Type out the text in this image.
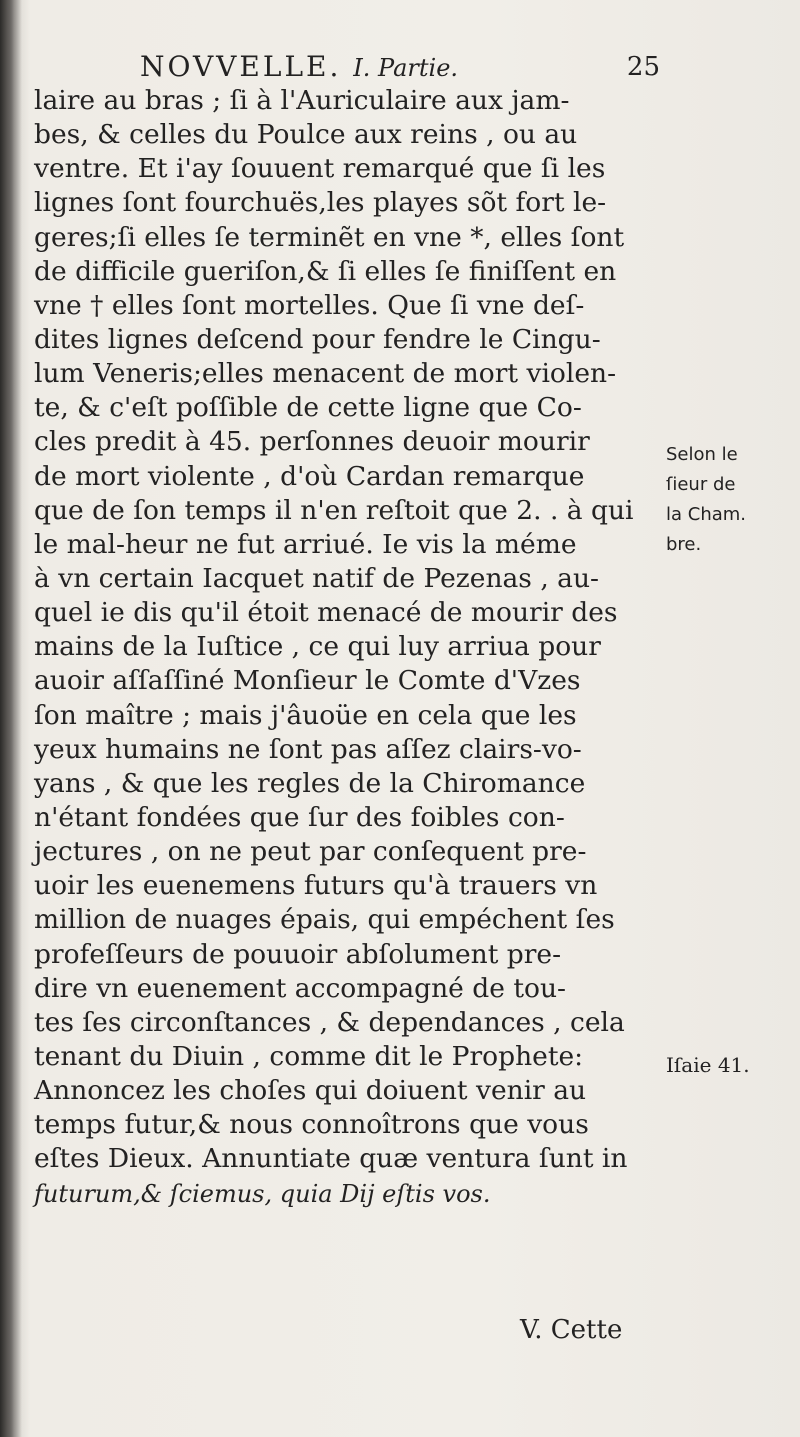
NOVVELLE. I. Partie.	25
laire au bras ; ſi à l'Auriculaire aux jam-
bes, & celles du Poulce aux reins , ou au
ventre. Et i'ay ſouuent remarqué que ſi les
lignes ſont fourchuës,les playes sõt fort le-
geres;ſi elles ſe terminẽt en vne *, elles ſont
de difficile gueriſon,& ſi elles ſe finiſſent en
vne † elles ſont mortelles. Que ſi vne deſ-
dites lignes deſcend pour fendre le Cingu-
lum Veneris;elles menacent de mort violen-
te, & c'eſt poſſible de cette ligne que Co-
cles predit à 45. perſonnes deuoir mourir
de mort violente , d'où Cardan remarque
que de ſon temps il n'en reſtoit que 2. . à qui
le mal-heur ne fut arriué. Ie vis la méme
à vn certain Iacquet natif de Pezenas , au-
quel ie dis qu'il étoit menacé de mourir des
mains de la Iuſtice , ce qui luy arriua pour
auoir aſſaſſiné Monſieur le Comte d'Vzes
ſon maître ; mais j'âuoüe en cela que les
yeux humains ne ſont pas aſſez clairs-vo-
yans , & que les regles de la Chiromance
n'étant fondées que ſur des foibles con-
jectures , on ne peut par conſequent pre-
uoir les euenemens futurs qu'à trauers vn
million de nuages épais, qui empéchent ſes
profeſſeurs de pouuoir abſolument pre-
dire vn euenement accompagné de tou-
tes ſes circonſtances , & dependances , cela
tenant du Diuin , comme dit le Prophete:
Annoncez les choſes qui doiuent venir au
temps futur,& nous connoîtrons que vous
eſtes Dieux. Annuntiate quæ ventura ſunt in
futurum,& ſciemus, quia Dij eſtis vos.
Selon le
ſieur de
la Cham.
bre.
Iſaie 41.
V. Cette
